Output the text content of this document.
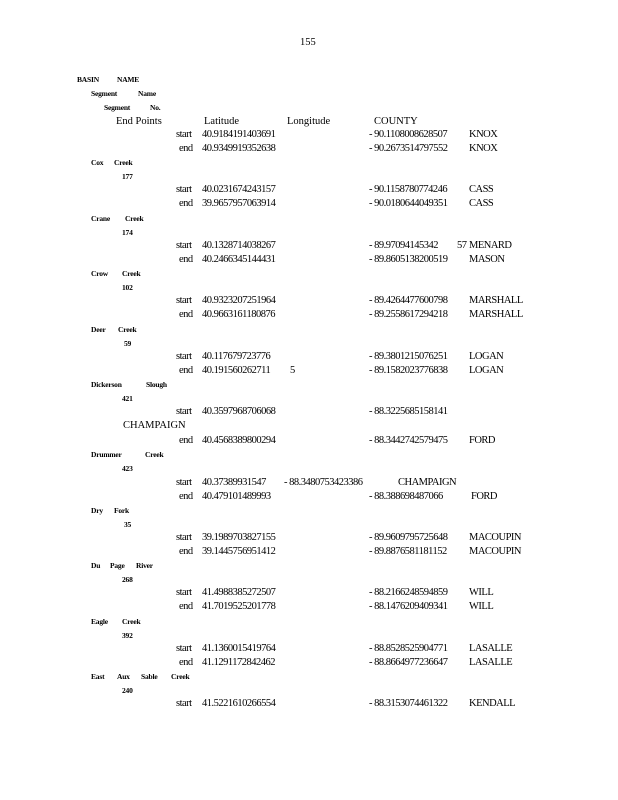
155
BASIN NAME
Segment	Name
Segment	No.
End Points	Latitude	Longitude	COUNTY
start 40.9184191403691	- 90.1108008628507 KNOX
end 40.9349919352638	- 90.2673514797552 KNOX
Cox Creek
177
start 40.0231674243157	- 90.1158780774246 CASS
end 39.9657957063914	- 90.0180644049351 CASS
Crane Creek
174
start 40.1328714038267	- 89.97094145342 57 MENARD
end 40.2466345144431	- 89.8605138200519 MASON
Crow Creek
102
start 40.9323207251964	- 89.4264477600798 MARSHALL
end 40.9663161180876	- 89.2558617294218 MARSHALL
Deer Creek
59
start 40.117679723776	- 89.3801215076251 LOGAN
end 40.191560262711 5	- 89.1582023776838 LOGAN
Dickerson	Slough
421
start 40.3597968706068	- 88.3225685158141
CHAMPAIGN
end 40.4568389800294	- 88.3442742579475 FORD
Drummer	Creek
423
start 40.37389931547 - 88.3480753423386	CHAMPAIGN
end 40.479101489993	- 88.388698487066	FORD
Dry Fork
35
start 39.1989703827155	- 89.9609795725648 MACOUPIN
end 39.1445756951412	- 89.8876581181152 MACOUPIN
Du Page River
268
start 41.4988385272507	- 88.2166248594859 WILL
end 41.7019525201778	- 88.1476209409341 WILL
Eagle Creek
392
start 41.1360015419764	- 88.8528525904771 LASALLE
end 41.1291172842462	- 88.8664977236647 LASALLE
East Aux Sable Creek
240
start 41.5221610266554	- 88.3153074461322 KENDALL
